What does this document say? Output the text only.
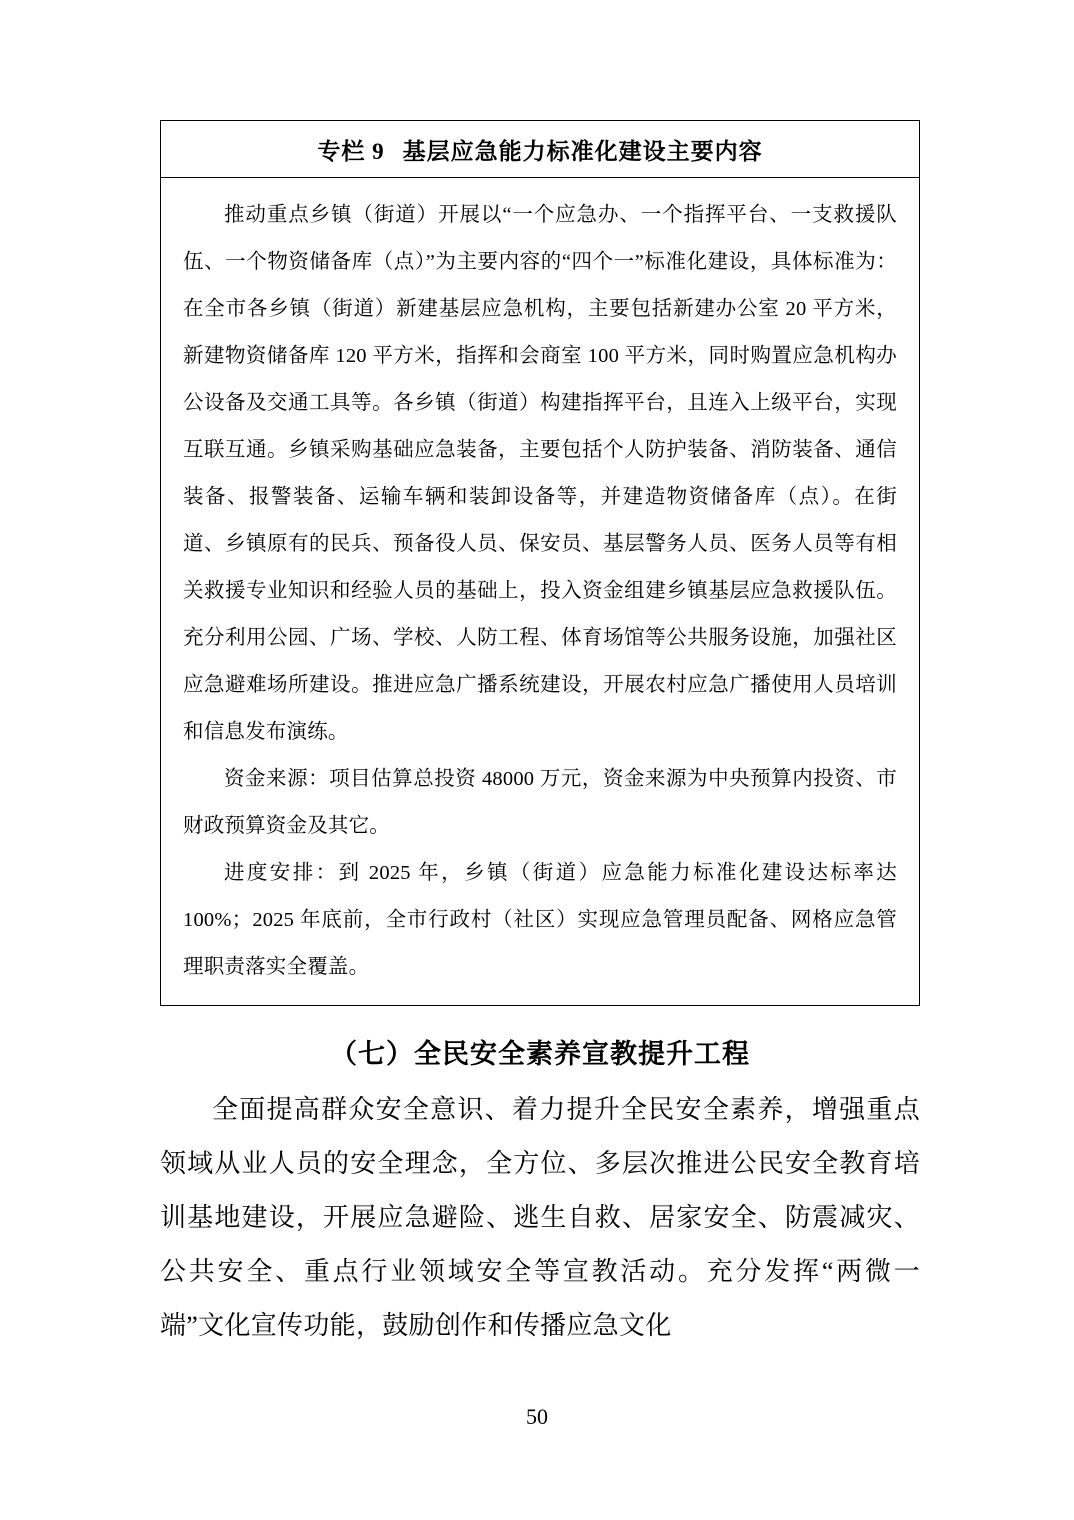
专栏 9 基层应急能力标准化建设主要内容

推动重点乡镇（街道）开展以“一个应急办、一个指挥平台、一支救援队伍、一个物资储备库（点）”为主要内容的“四个一”标准化建设，具体标准为：在全市各乡镇（街道）新建基层应急机构，主要包括新建办公室 20 平方米，新建物资储备库 120 平方米，指挥和会商室 100 平方米，同时购置应急机构办公设备及交通工具等。各乡镇（街道）构建指挥平台，且连入上级平台，实现互联互通。乡镇采购基础应急装备，主要包括个人防护装备、消防装备、通信装备、报警装备、运输车辆和装卸设备等，并建造物资储备库（点）。在街道、乡镇原有的民兵、预备役人员、保安员、基层警务人员、医务人员等有相关救援专业知识和经验人员的基础上，投入资金组建乡镇基层应急救援队伍。充分利用公园、广场、学校、人防工程、体育场馆等公共服务设施，加强社区应急避难场所建设。推进应急广播系统建设，开展农村应急广播使用人员培训和信息发布演练。

资金来源：项目估算总投资 48000 万元，资金来源为中央预算内投资、市财政预算资金及其它。

进度安排：到 2025 年，乡镇（街道）应急能力标准化建设达标率达 100%；2025 年底前，全市行政村（社区）实现应急管理员配备、网格应急管理职责落实全覆盖。

（七）全民安全素养宣教提升工程
全面提高群众安全意识、着力提升全民安全素养，增强重点领域从业人员的安全理念，全方位、多层次推进公民安全教育培训基地建设，开展应急避险、逃生自救、居家安全、防震减灾、公共安全、重点行业领域安全等宣教活动。充分发挥“两微一端”文化宣传功能，鼓励创作和传播应急文化
50
